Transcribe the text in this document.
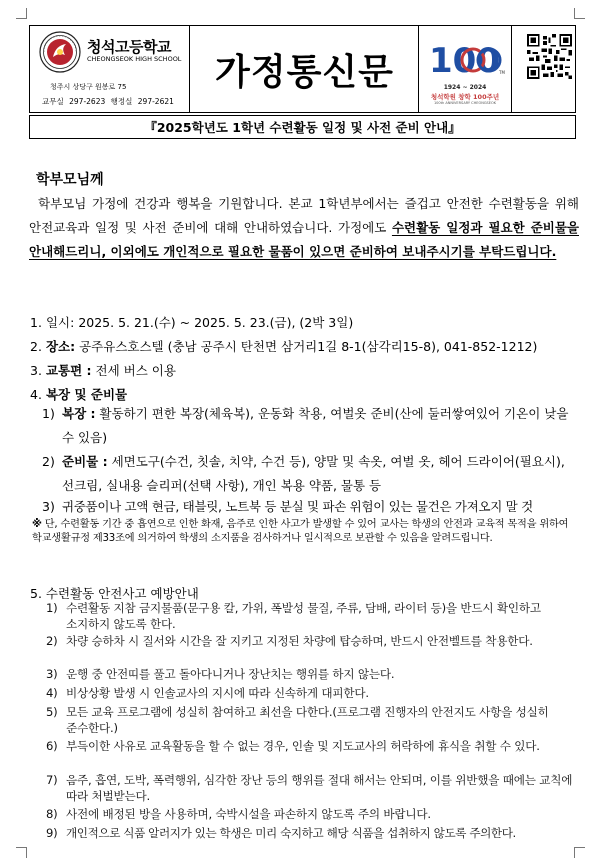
청석고등학교
CHEONGSEOK HIGH SCHOOL
청주시 상당구 원봉로 75
교무실 297-2623 행정실 297-2621
가정통신문	100 TM
1924 ~ 2024
청석학원 창학 100주년
100th ANNIVERSARY CHEONGSEOK
『2025학년도 1학년 수련활동 일정 및 사전 준비 안내』
학부모님께
학부모님 가정에 건강과 행복을 기원합니다. 본교 1학년부에서는 즐겁고 안전한 수련활동을 위해 안전교육과 일정 및 사전 준비에 대해 안내하였습니다. 가정에도 수련활동 일정과 필요한 준비물을 안내해드리니, 이외에도 개인적으로 필요한 물품이 있으면 준비하여 보내주시기를 부탁드립니다.
1. 일시: 2025. 5. 21.(수) ~ 2025. 5. 23.(금), (2박 3일)
2. 장소: 공주유스호스텔 (충남 공주시 탄천면 삼거리1길 8-1(삼각리15-8), 041-852-1212)
3. 교통편 : 전세 버스 이용
4. 복장 및 준비물
1) 복장 : 활동하기 편한 복장(체육복), 운동화 착용, 여벌옷 준비(산에 둘러쌓여있어 기온이 낮을 수 있음)
2) 준비물 : 세면도구(수건, 칫솔, 치약, 수건 등), 양말 및 속옷, 여벌 옷, 헤어 드라이어(필요시), 선크림, 실내용 슬리퍼(선택 사항), 개인 복용 약품, 물통 등
3) 귀중품이나 고액 현금, 태블릿, 노트북 등 분실 및 파손 위험이 있는 물건은 가져오지 말 것
※ 단, 수련활동 기간 중 흡연으로 인한 화재, 음주로 인한 사고가 발생할 수 있어 교사는 학생의 안전과 교육적 목적을 위하여 학교생활규정 제33조에 의거하여 학생의 소지품을 검사하거나 일시적으로 보관할 수 있음을 알려드립니다.
5. 수련활동 안전사고 예방안내
1) 수련활동 지참 금지물품(문구용 칼, 가위, 폭발성 물질, 주류, 담배, 라이터 등)을 반드시 확인하고 소지하지 않도록 한다.
2) 차량 승하차 시 질서와 시간을 잘 지키고 지정된 차량에 탑승하며, 반드시 안전벨트를 착용한다.
3) 운행 중 안전띠를 풀고 돌아다니거나 장난치는 행위를 하지 않는다.
4) 비상상황 발생 시 인솔교사의 지시에 따라 신속하게 대피한다.
5) 모든 교육 프로그램에 성실히 참여하고 최선을 다한다.(프로그램 진행자의 안전지도 사항을 성실히 준수한다.)
6) 부득이한 사유로 교육활동을 할 수 없는 경우, 인솔 및 지도교사의 허락하에 휴식을 취할 수 있다.
7) 음주, 흡연, 도박, 폭력행위, 심각한 장난 등의 행위를 절대 해서는 안되며, 이를 위반했을 때에는 교칙에 따라 처벌받는다.
8) 사전에 배정된 방을 사용하며, 숙박시설을 파손하지 않도록 주의 바랍니다.
9) 개인적으로 식품 알러지가 있는 학생은 미리 숙지하고 해당 식품을 섭취하지 않도록 주의한다.
